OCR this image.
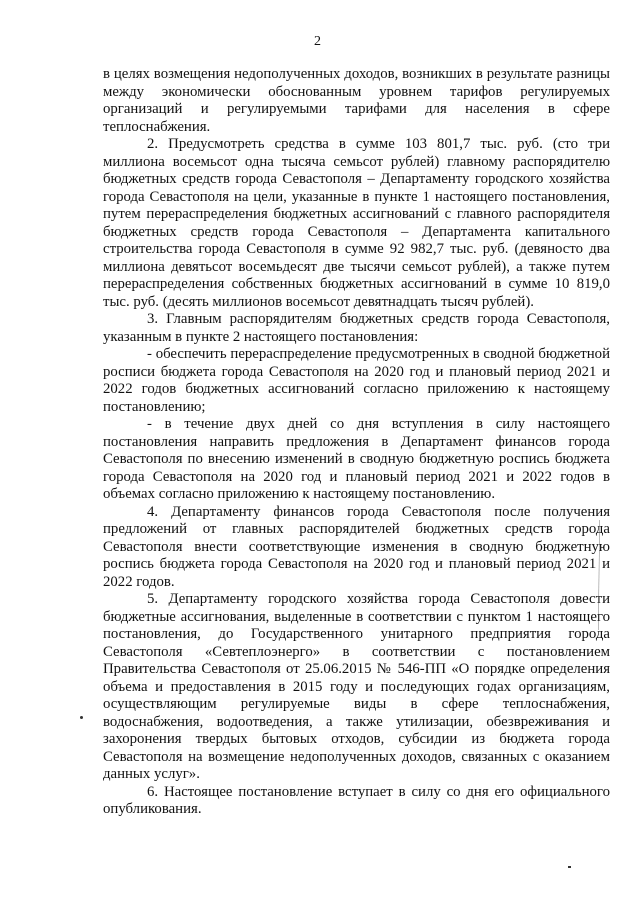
2

в целях возмещения недополученных доходов, возникших в результате разницы между экономически обоснованным уровнем тарифов регулируемых организаций и регулируемыми тарифами для населения в сфере теплоснабжения.

2. Предусмотреть средства в сумме 103 801,7 тыс. руб. (сто три миллиона восемьсот одна тысяча семьсот рублей) главному распорядителю бюджетных средств города Севастополя – Департаменту городского хозяйства города Севастополя на цели, указанные в пункте 1 настоящего постановления, путем перераспределения бюджетных ассигнований с главного распорядителя бюджетных средств города Севастополя – Департамента капитального строительства города Севастополя в сумме 92 982,7 тыс. руб. (девяносто два миллиона девятьсот восемьдесят две тысячи семьсот рублей), а также путем перераспределения собственных бюджетных ассигнований в сумме 10 819,0 тыс. руб. (десять миллионов восемьсот девятнадцать тысяч рублей).

3. Главным распорядителям бюджетных средств города Севастополя, указанным в пункте 2 настоящего постановления:

- обеспечить перераспределение предусмотренных в сводной бюджетной росписи бюджета города Севастополя на 2020 год и плановый период 2021 и 2022 годов бюджетных ассигнований согласно приложению к настоящему постановлению;

- в течение двух дней со дня вступления в силу настоящего постановления направить предложения в Департамент финансов города Севастополя по внесению изменений в сводную бюджетную роспись бюджета города Севастополя на 2020 год и плановый период 2021 и 2022 годов в объемах согласно приложению к настоящему постановлению.

4. Департаменту финансов города Севастополя после получения предложений от главных распорядителей бюджетных средств города Севастополя внести соответствующие изменения в сводную бюджетную роспись бюджета города Севастополя на 2020 год и плановый период 2021 и 2022 годов.

5. Департаменту городского хозяйства города Севастополя довести бюджетные ассигнования, выделенные в соответствии с пунктом 1 настоящего постановления, до Государственного унитарного предприятия города Севастополя «Севтеплоэнерго» в соответствии с постановлением Правительства Севастополя от 25.06.2015 № 546-ПП «О порядке определения объема и предоставления в 2015 году и последующих годах организациям, осуществляющим регулируемые виды в сфере теплоснабжения, водоснабжения, водоотведения, а также утилизации, обезвреживания и захоронения твердых бытовых отходов, субсидии из бюджета города Севастополя на возмещение недополученных доходов, связанных с оказанием данных услуг».

6. Настоящее постановление вступает в силу со дня его официального опубликования.
